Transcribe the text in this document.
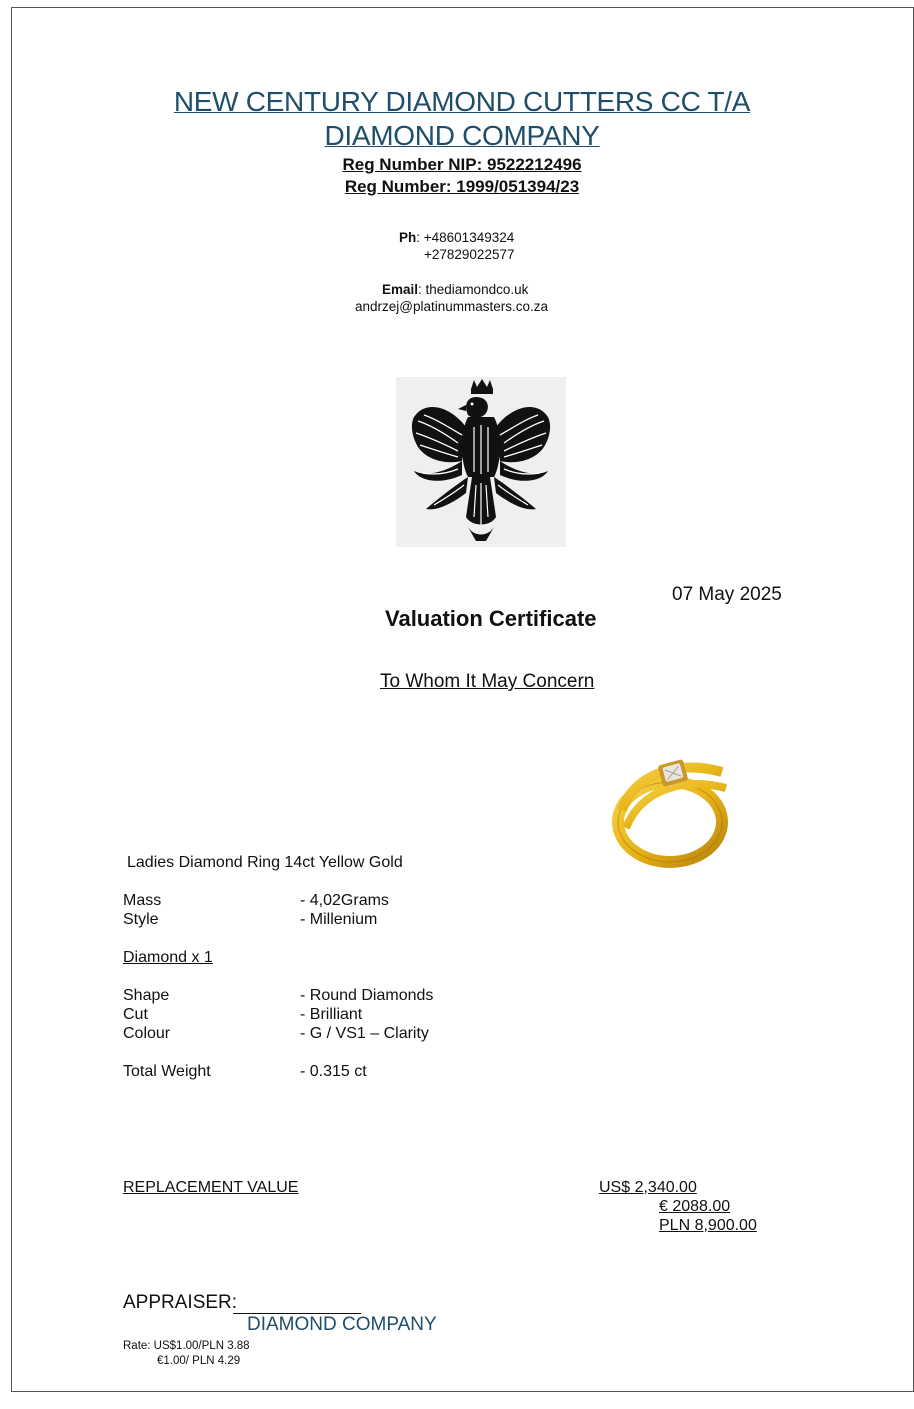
NEW CENTURY DIAMOND CUTTERS CC T/A
DIAMOND COMPANY
Reg Number NIP: 9522212496
Reg Number: 1999/051394/23
Ph: +48601349324
+27829022577
Email: thediamondco.uk
andrzej@platinummasters.co.za
07 May 2025
Valuation Certificate
To Whom It May Concern
Ladies Diamond Ring 14ct Yellow Gold
Mass	- 4,02Grams
Style	- Millenium
Diamond x 1
Shape	- Round Diamonds
Cut	- Brilliant
Colour	- G / VS1 – Clarity
Total Weight	- 0.315 ct
REPLACEMENT VALUE	US$ 2,340.00
€ 2088.00
PLN 8,900.00
APPRAISER:
DIAMOND COMPANY
Rate: US$1.00/PLN 3.88
€1.00/ PLN 4.29
